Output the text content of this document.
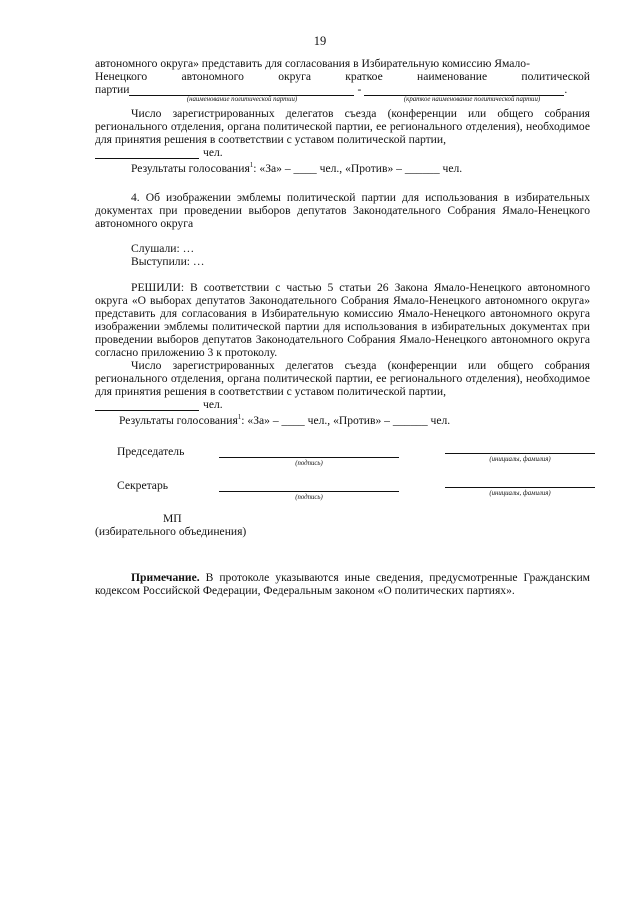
19

автономного округа» представить для согласования в Избирательную комиссию Ямало-

Ненецкого автономного округа краткое наименование политической

партии	-	.
(наименование политической партии)	(краткое наименование политической партии)

Число зарегистрированных делегатов съезда (конференции или общего собрания регионального отделения, органа политической партии, ее регионального отделения), необходимое для принятия решения в соответствии с уставом политической партии,

чел.

Результаты голосования$^1$: «За» – ____ чел., «Против» – ______ чел.

4. Об изображении эмблемы политической партии для использования в избирательных документах при проведении выборов депутатов Законодательного Собрания Ямало-Ненецкого автономного округа

Слушали: …

Выступили: …

РЕШИЛИ: В соответствии с частью 5 статьи 26 Закона Ямало-Ненецкого автономного округа «О выборах депутатов Законодательного Собрания Ямало-Ненецкого автономного округа» представить для согласования в Избирательную комиссию Ямало-Ненецкого автономного округа изображении эмблемы политической партии для использования в избирательных документах при проведении выборов депутатов Законодательного Собрания Ямало-Ненецкого автономного округа согласно приложению 3 к протоколу.

Число зарегистрированных делегатов съезда (конференции или общего собрания регионального отделения, органа политической партии, ее регионального отделения), необходимое для принятия решения в соответствии с уставом политической партии,

чел.

Результаты голосования$^1$: «За» – ____ чел., «Против» – ______ чел.

Председатель
(подпись)
(инициалы, фамилия)
Секретарь
(подпись)
(инициалы, фамилия)
МП
(избирательного объединения)

Примечание. В протоколе указываются иные сведения, предусмотренные Гражданским кодексом Российской Федерации, Федеральным законом «О политических партиях».
